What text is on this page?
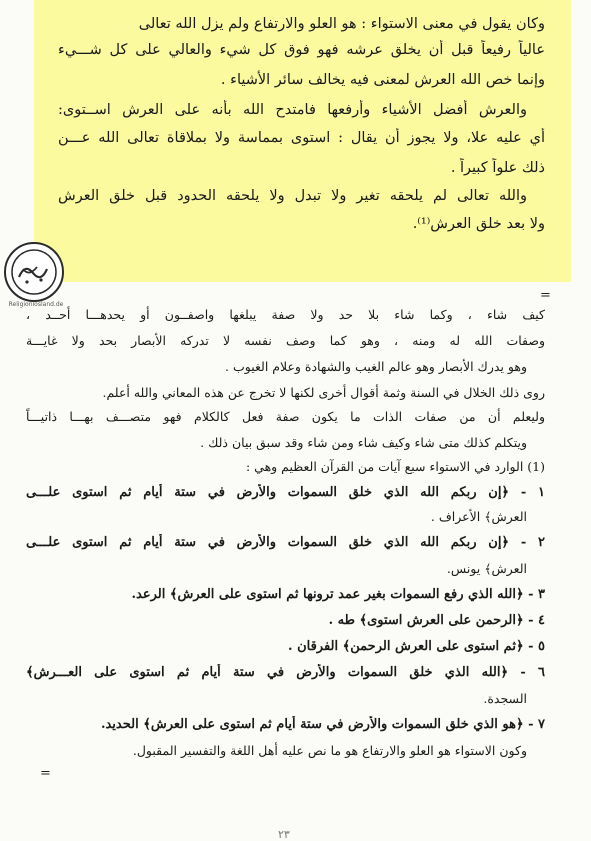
وكان يقول في معنى الاستواء : هو العلو والارتفاع ولم يزل الله تعالى
عالياً رفيعاً قبل أن يخلق عرشه فهو فوق كل شيء والعالي على كل شـــيء
وإنما خص الله العرش لمعنى فيه يخالف سائر الأشياء .
والعرش أفضل الأشياء وأرفعها فامتدح الله بأنه على العرش اســتوى:
أي عليه علا، ولا يجوز أن يقال : استوى بمماسة ولا بملاقاة تعالى الله عـــن
ذلك علواً كبيراً .
والله تعالى لم يلحقه تغير ولا تبدل ولا يلحقه الحدود قبل خلق العرش
ولا بعد خلق العرش⁽¹⁾.
=
Religionlosland.de
كيف شاء ، وكما شاء بلا حد ولا صفة يبلغها واصفــون أو يحدهـــا أحــد ،
وصفات الله له ومنه ، وهو كما وصف نفسه لا تدركه الأبصار بحد ولا غايـــة
وهو يدرك الأبصار وهو عالم الغيب والشهادة وعلام الغيوب .
روى ذلك الخلال في السنة وثمة أقوال أخرى لكنها لا تخرج عن هذه المعاني والله أعلم.
وليعلم أن من صفات الذات ما يكون صفة فعل كالكلام فهو متصـــف بهـــا ذاتيـــاً
ويتكلم كذلك متى شاء وكيف شاء ومن شاء وقد سبق بيان ذلك .
(1) الوارد في الاستواء سبع آيات من القرآن العظيم وهي :
١ - ﴿إن ربكم الله الذي خلق السموات والأرض في ستة أيام ثم استوى علـــى
العرش﴾ الأعراف .
٢ - ﴿إن ربكم الله الذي خلق السموات والأرض في ستة أيام ثم استوى علـــى
العرش﴾ يونس.
٣ - ﴿الله الذي رفع السموات بغير عمد ترونها ثم استوى على العرش﴾ الرعد.
٤ - ﴿الرحمن على العرش استوى﴾ طه .
٥ - ﴿ثم استوى على العرش الرحمن﴾ الفرقان .
٦ - ﴿الله الذي خلق السموات والأرض في ستة أيام ثم استوى على العـــرش﴾
السجدة.
٧ - ﴿هو الذي خلق السموات والأرض في ستة أيام ثم استوى على العرش﴾ الحديد.
وكون الاستواء هو العلو والارتفاع هو ما نص عليه أهل اللغة والتفسير المقبول.
=
٢٣
